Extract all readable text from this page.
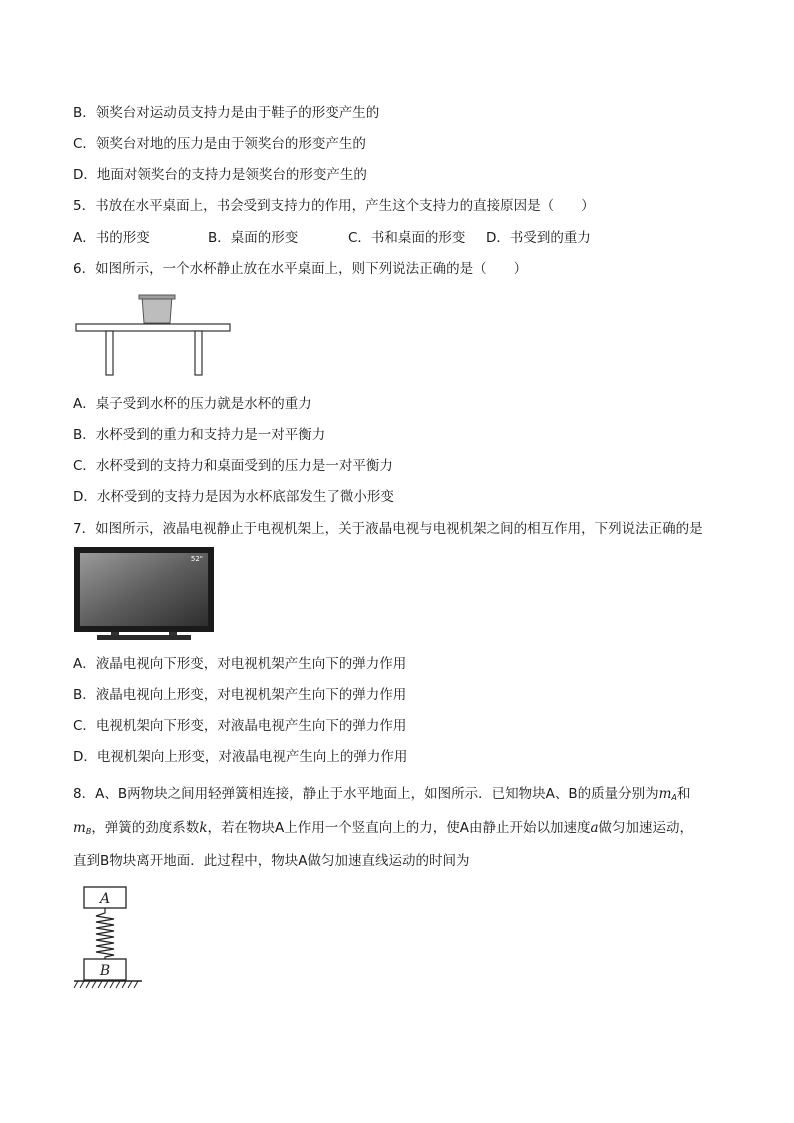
B．领奖台对运动员支持力是由于鞋子的形变产生的
C．领奖台对地的压力是由于领奖台的形变产生的
D．地面对领奖台的支持力是领奖台的形变产生的
5．书放在水平桌面上，书会受到支持力的作用，产生这个支持力的直接原因是（　　）
A．书的形变	B．桌面的形变	C．书和桌面的形变 D．书受到的重力
6．如图所示，一个水杯静止放在水平桌面上，则下列说法正确的是（　　）
A．桌子受到水杯的压力就是水杯的重力
B．水杯受到的重力和支持力是一对平衡力
C．水杯受到的支持力和桌面受到的压力是一对平衡力
D．水杯受到的支持力是因为水杯底部发生了微小形变
7．如图所示，液晶电视静止于电视机架上，关于液晶电视与电视机架之间的相互作用，下列说法正确的是
52"
A．液晶电视向下形变，对电视机架产生向下的弹力作用
B．液晶电视向上形变，对电视机架产生向下的弹力作用
C．电视机架向下形变，对液晶电视产生向下的弹力作用
D．电视机架向上形变，对液晶电视产生向上的弹力作用
8．A、B两物块之间用轻弹簧相连接，静止于水平地面上，如图所示．已知物块A、B的质量分别为$m_A$和
$m_B$，弹簧的劲度系数k，若在物块A上作用一个竖直向上的力，使A由静止开始以加速度a做匀加速运动，
直到B物块离开地面．此过程中，物块A做匀加速直线运动的时间为
A
B
